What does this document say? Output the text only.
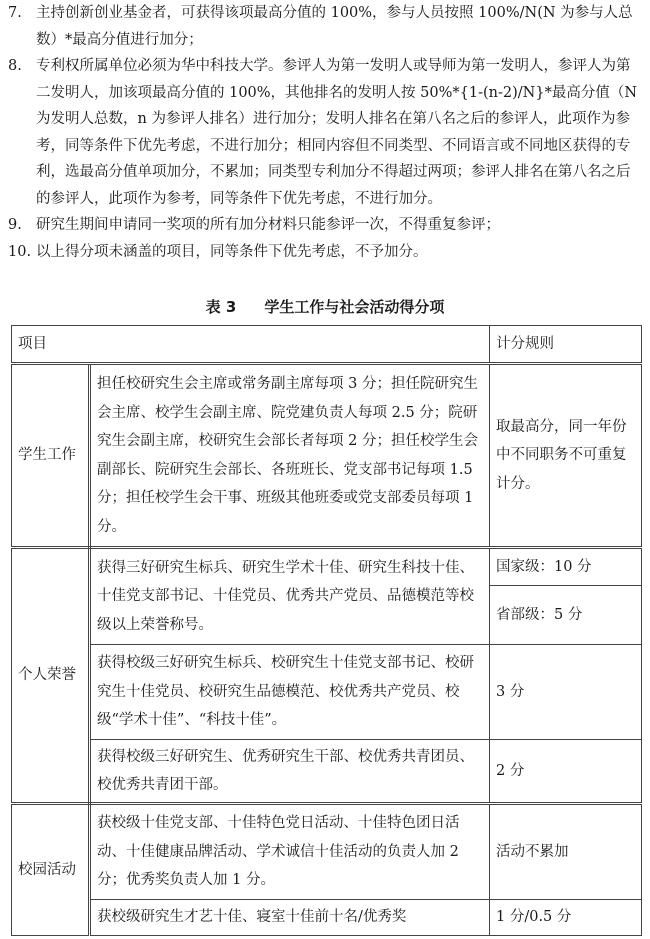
7. 主持创新创业基金者，可获得该项最高分值的 100%，参与人员按照 100%/N(N 为参与人总数）*最高分值进行加分；
8. 专利权所属单位必须为华中科技大学。参评人为第一发明人或导师为第一发明人，参评人为第二发明人，加该项最高分值的 100%，其他排名的发明人按 50%*{1-(n-2)/N}*最高分值（N 为发明人总数，n 为参评人排名）进行加分；发明人排名在第八名之后的参评人，此项作为参考，同等条件下优先考虑，不进行加分；相同内容但不同类型、不同语言或不同地区获得的专利，选最高分值单项加分，不累加；同类型专利加分不得超过两项；参评人排名在第八名之后的参评人，此项作为参考，同等条件下优先考虑，不进行加分。
9. 研究生期间申请同一奖项的所有加分材料只能参评一次，不得重复参评；
10. 以上得分项未涵盖的项目，同等条件下优先考虑，不予加分。
表 3 学生工作与社会活动得分项
项目		计分规则
学生工作	担任校研究生会主席或常务副主席每项 3 分；担任院研究生会主席、校学生会副主席、院党建负责人每项 2.5 分；院研究生会副主席，校研究生会部长者每项 2 分；担任校学生会副部长、院研究生会部长、各班班长、党支部书记每项 1.5 分；担任校学生会干事、班级其他班委或党支部委员每项 1 分。	取最高分，同一年份中不同职务不可重复计分。
个人荣誉	获得三好研究生标兵、研究生学术十佳、研究生科技十佳、十佳党支部书记、十佳党员、优秀共产党员、品德模范等校级以上荣誉称号。	国家级：10 分
		省部级：5 分
	获得校级三好研究生标兵、校研究生十佳党支部书记、校研究生十佳党员、校研究生品德模范、校优秀共产党员、校级“学术十佳”、“科技十佳”。	3 分
	获得校级三好研究生、优秀研究生干部、校优秀共青团员、校优秀共青团干部。	2 分

校园活动	获校级十佳党支部、十佳特色党日活动、十佳特色团日活动、十佳健康品牌活动、学术诚信十佳活动的负责人加 2 分；优秀奖负责人加 1 分。	活动不累加
	获校级研究生才艺十佳、寝室十佳前十名/优秀奖	1 分/0.5 分
